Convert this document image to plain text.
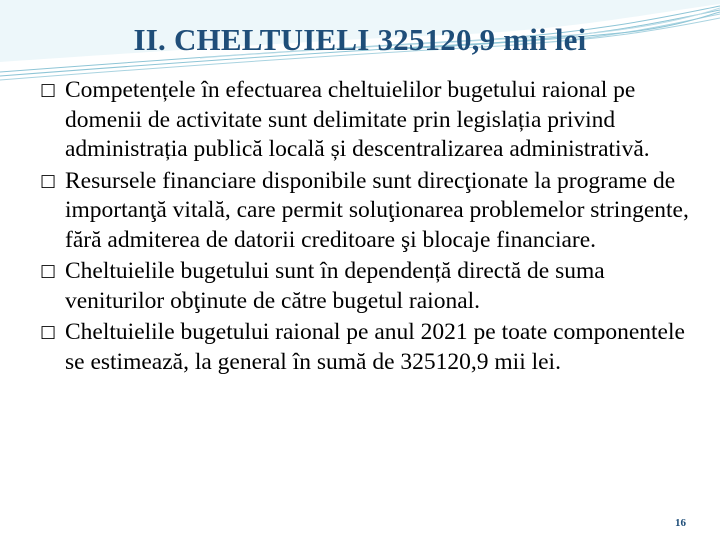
II. CHELTUIELI 325120,9 mii lei
□ Competențele în efectuarea cheltuielilor bugetului raional pe domenii de activitate sunt delimitate prin legislația privind administrația publică locală și descentralizarea administrativă.
□ Resursele financiare disponibile sunt direcţionate la programe de importanţă vitală, care permit soluţionarea problemelor stringente, fără admiterea de datorii creditoare şi blocaje financiare.
□ Cheltuielile bugetului sunt în dependență directă de suma veniturilor obţinute de către bugetul raional.
□ Cheltuielile bugetului raional pe anul 2021 pe toate componentele se estimează, la general în sumă de 325120,9 mii lei.
16
